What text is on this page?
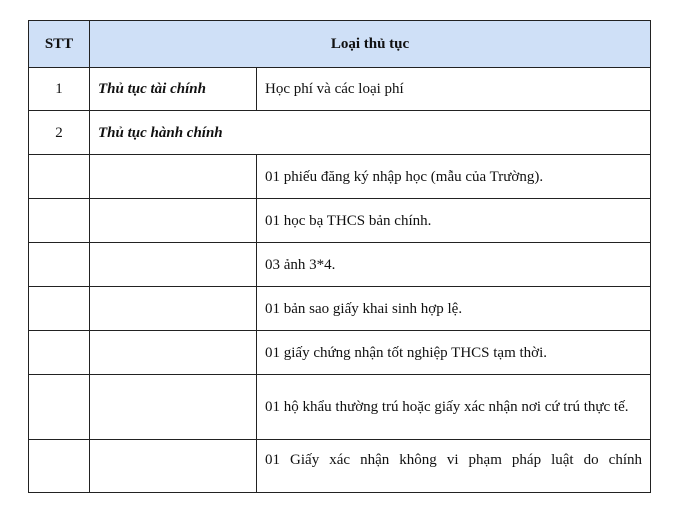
STT	Loại thủ tục	
1	Thủ tục tài chính	Học phí và các loại phí
2	Thủ tục hành chính	
		01 phiếu đăng ký nhập học (mẫu của Trường).
		01 học bạ THCS bản chính.
		03 ảnh 3*4.
		01 bản sao giấy khai sinh hợp lệ.
		01 giấy chứng nhận tốt nghiệp THCS tạm thời.
		01 hộ khẩu thường trú hoặc giấy xác nhận nơi cứ trú thực tế.
		01 Giấy xác nhận không vi phạm pháp luật do chính
